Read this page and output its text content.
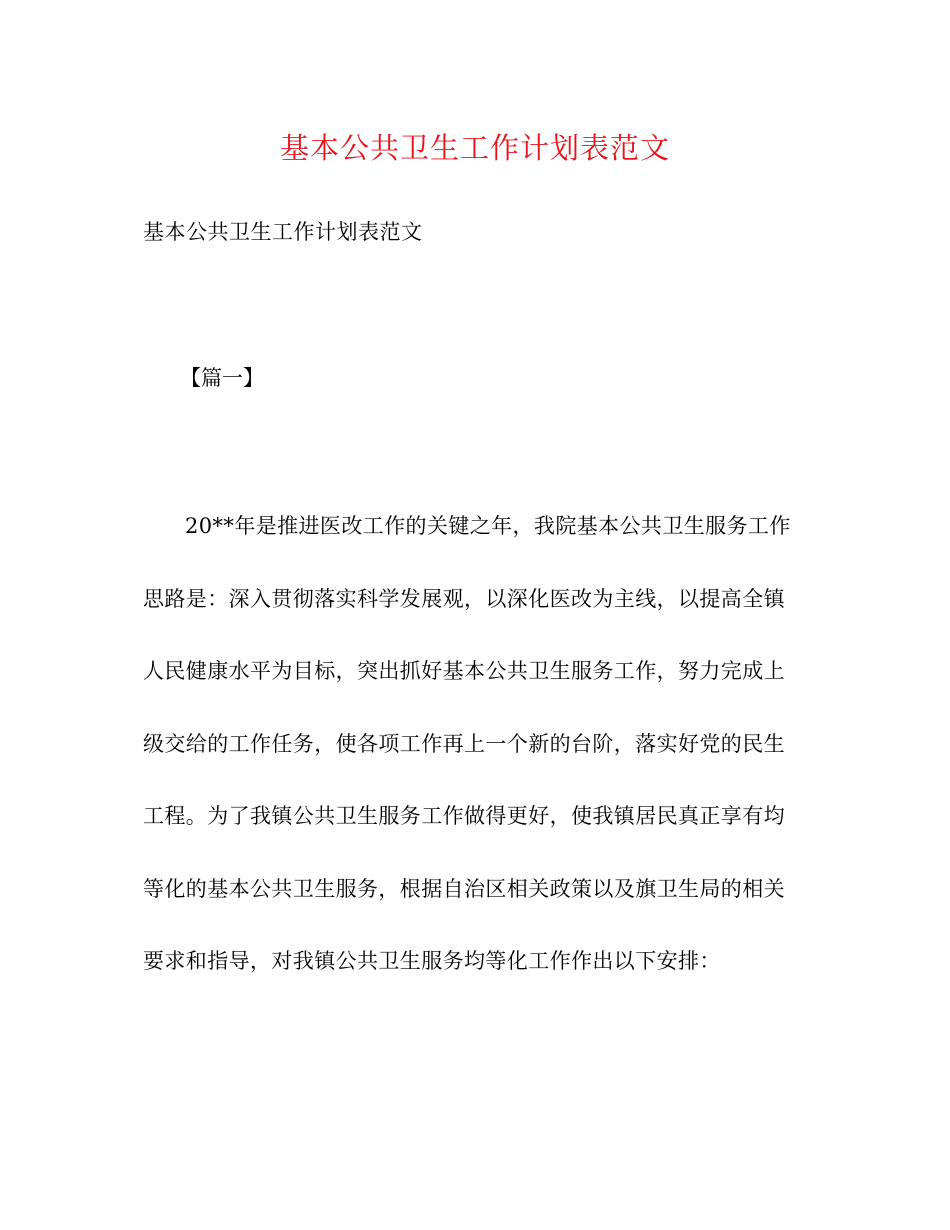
基本公共卫生工作计划表范文
基本公共卫生工作计划表范文
【篇一】
20**年是推进医改工作的关键之年，我院基本公共卫生服务工作
思路是：深入贯彻落实科学发展观，以深化医改为主线，以提高全镇
人民健康水平为目标，突出抓好基本公共卫生服务工作，努力完成上
级交给的工作任务，使各项工作再上一个新的台阶，落实好党的民生
工程。为了我镇公共卫生服务工作做得更好，使我镇居民真正享有均
等化的基本公共卫生服务，根据自治区相关政策以及旗卫生局的相关
要求和指导，对我镇公共卫生服务均等化工作作出以下安排：
